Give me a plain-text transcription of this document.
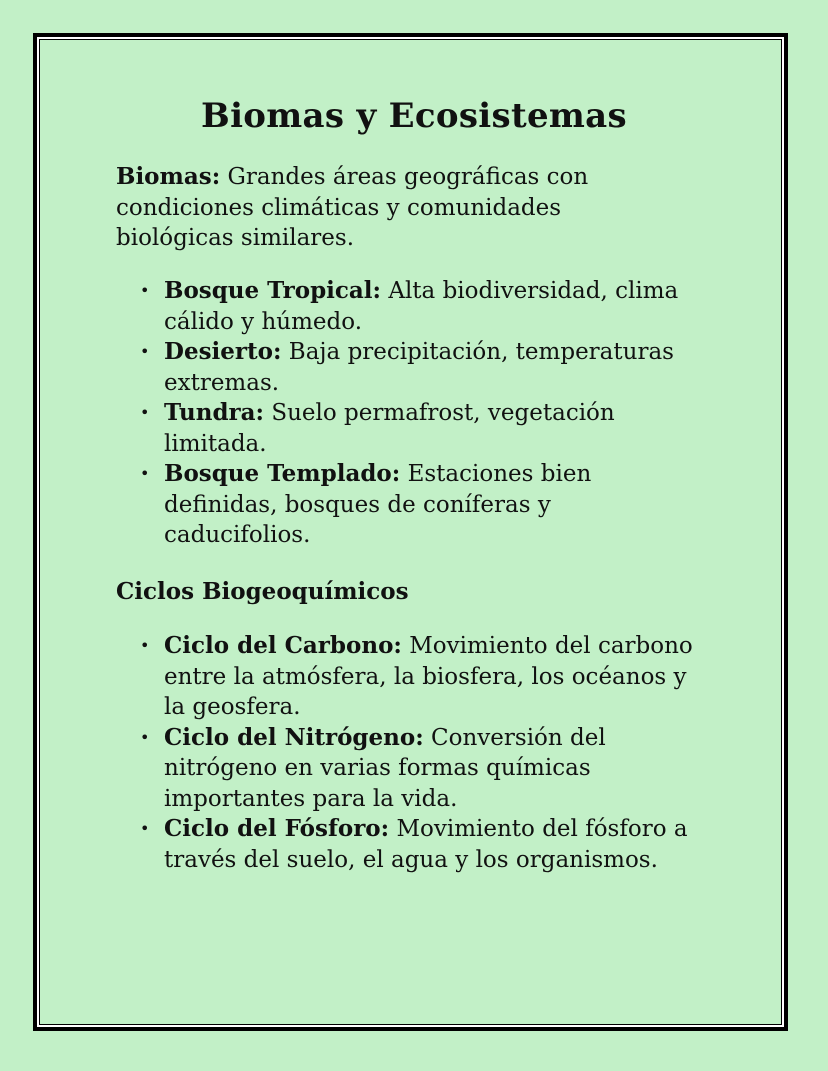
Biomas y Ecosistemas

Biomas: Grandes áreas geográficas con condiciones climáticas y comunidades biológicas similares.

• Bosque Tropical: Alta biodiversidad, clima cálido y húmedo.
• Desierto: Baja precipitación, temperaturas extremas.
• Tundra: Suelo permafrost, vegetación limitada.
• Bosque Templado: Estaciones bien definidas, bosques de coníferas y caducifolios.
Ciclos Biogeoquímicos
• Ciclo del Carbono: Movimiento del carbono entre la atmósfera, la biosfera, los océanos y la geosfera.
• Ciclo del Nitrógeno: Conversión del nitrógeno en varias formas químicas importantes para la vida.
• Ciclo del Fósforo: Movimiento del fósforo a través del suelo, el agua y los organismos.
